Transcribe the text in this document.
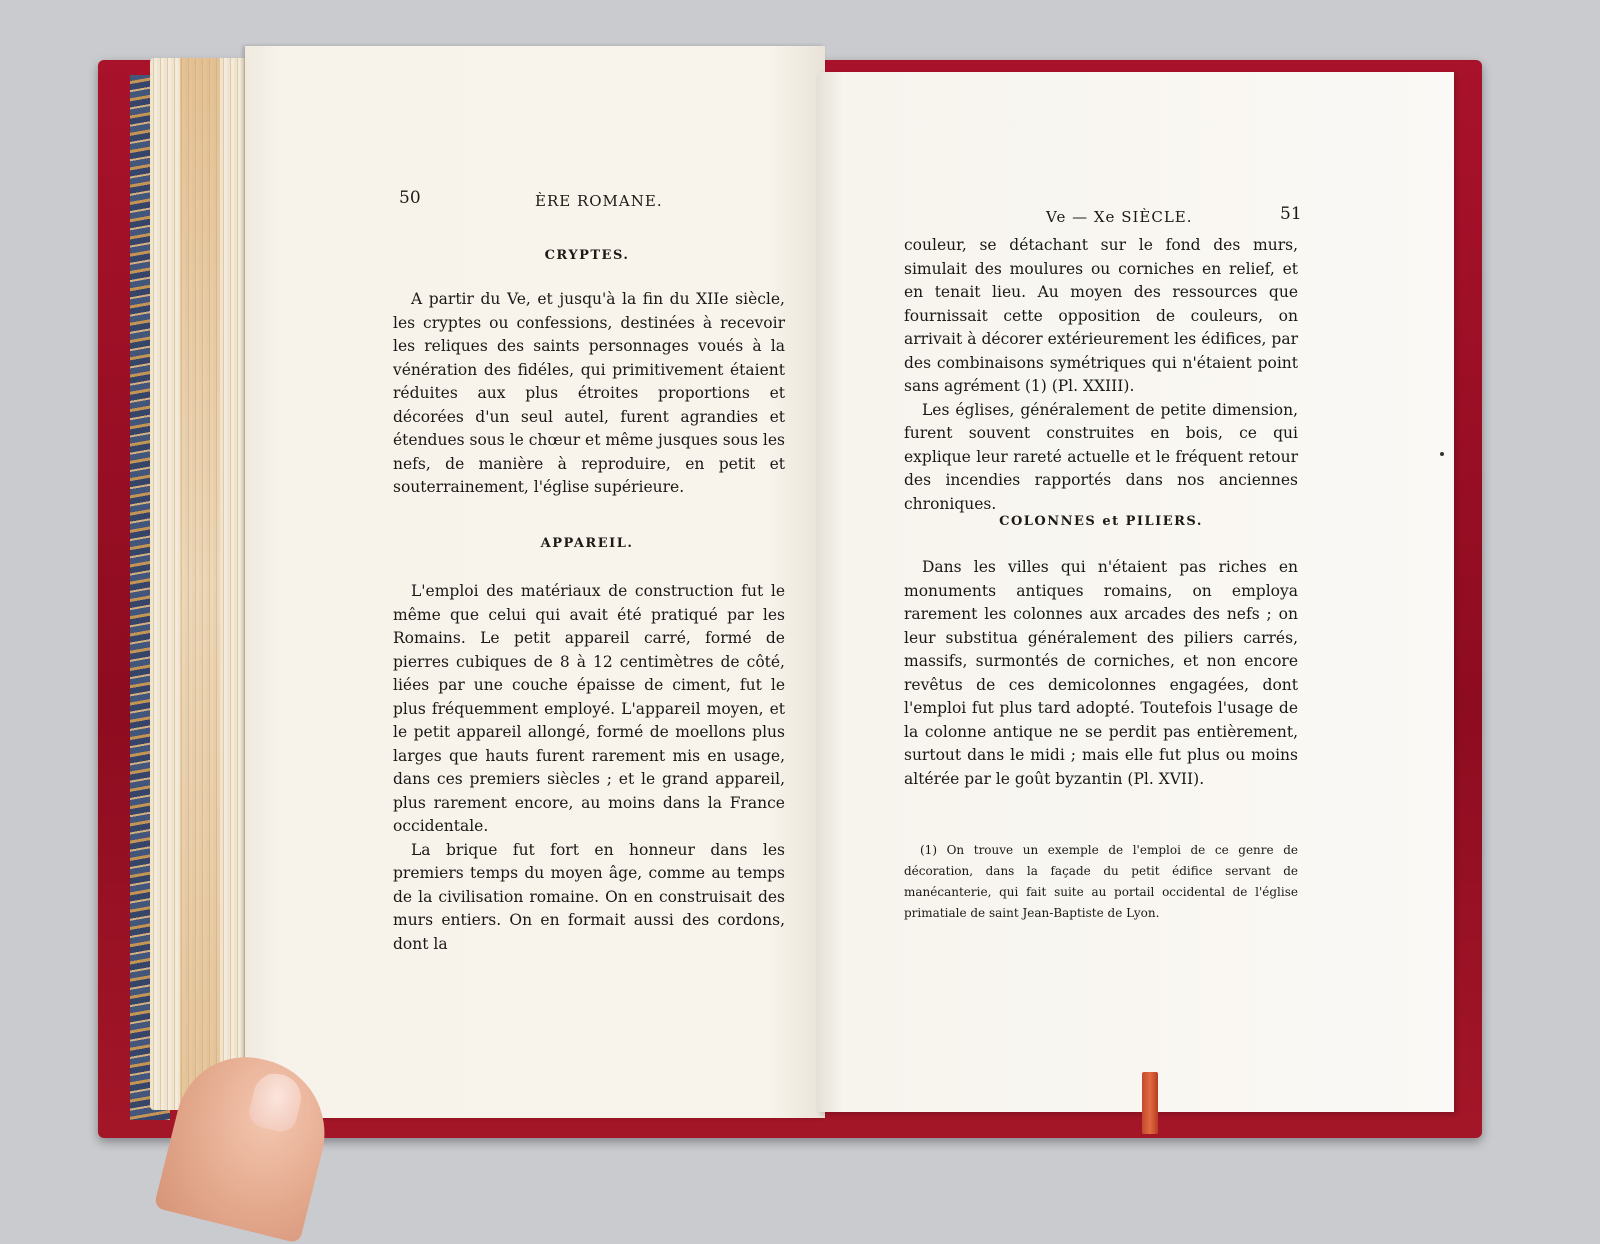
50	ÈRE ROMANE.
CRYPTES.

A partir du Ve, et jusqu'à la fin du XIIe siècle, les cryptes ou confessions, destinées à recevoir les reliques des saints personnages voués à la vénération des fidéles, qui primitivement étaient réduites aux plus étroites proportions et décorées d'un seul autel, furent agrandies et étendues sous le chœur et même jusques sous les nefs, de manière à reproduire, en petit et souterrainement, l'église supérieure.

APPAREIL.

L'emploi des matériaux de construction fut le même que celui qui avait été pratiqué par les Romains. Le petit appareil carré, formé de pierres cubiques de 8 à 12 centimètres de côté, liées par une couche épaisse de ciment, fut le plus fréquemment employé. L'appareil moyen, et le petit appareil allongé, formé de moellons plus larges que hauts furent rarement mis en usage, dans ces premiers siècles ; et le grand appareil, plus rarement encore, au moins dans la France occidentale.

La brique fut fort en honneur dans les premiers temps du moyen âge, comme au temps de la civilisation romaine. On en construisait des murs entiers. On en formait aussi des cordons, dont la

Ve — Xe SIÈCLE.	51

couleur, se détachant sur le fond des murs, simulait des moulures ou corniches en relief, et en tenait lieu. Au moyen des ressources que fournissait cette opposition de couleurs, on arrivait à décorer extérieurement les édifices, par des combinaisons symétriques qui n'étaient point sans agrément (1) (Pl. XXIII).

Les églises, généralement de petite dimension, furent souvent construites en bois, ce qui explique leur rareté actuelle et le fréquent retour des incendies rapportés dans nos anciennes chroniques.

COLONNES et PILIERS.

Dans les villes qui n'étaient pas riches en monuments antiques romains, on employa rarement les colonnes aux arcades des nefs ; on leur substitua généralement des piliers carrés, massifs, surmontés de corniches, et non encore revêtus de ces demicolonnes engagées, dont l'emploi fut plus tard adopté. Toutefois l'usage de la colonne antique ne se perdit pas entièrement, surtout dans le midi ; mais elle fut plus ou moins altérée par le goût byzantin (Pl. XVII).

(1) On trouve un exemple de l'emploi de ce genre de décoration, dans la façade du petit édifice servant de manécanterie, qui fait suite au portail occidental de l'église primatiale de saint Jean-Baptiste de Lyon.
